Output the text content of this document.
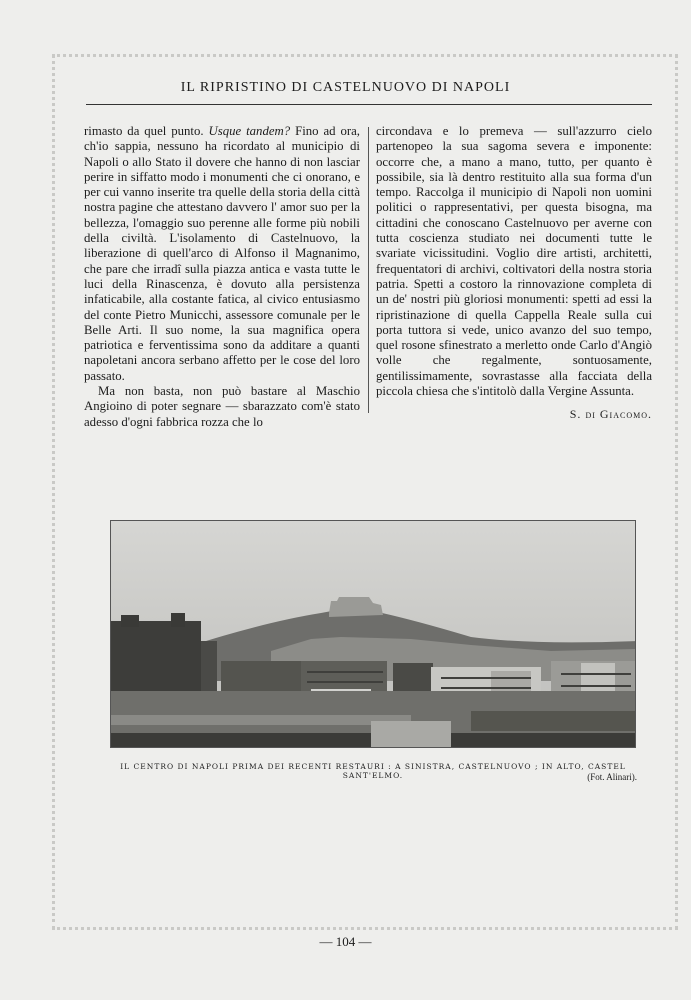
IL RIPRISTINO DI CASTELNUOVO DI NAPOLI

rimasto da quel punto. Usque tandem? Fino ad ora, ch'io sappia, nessuno ha ricordato al municipio di Napoli o allo Stato il dovere che hanno di non lasciar perire in siffatto modo i monumenti che ci onorano, e per cui vanno inserite tra quelle della storia della città nostra pagine che attestano davvero l' amor suo per la bellezza, l'omaggio suo perenne alle forme più nobili della civiltà. L'isolamento di Castelnuovo, la liberazione di quell'arco di Alfonso il Magnanimo, che pare che irradî sulla piazza antica e vasta tutte le luci della Rinascenza, è dovuto alla persistenza infaticabile, alla costante fatica, al civico entusiasmo del conte Pietro Municchi, assessore comunale per le Belle Arti. Il suo nome, la sua magnifica opera patriotica e ferventissima sono da additare a quanti napoletani ancora serbano affetto per le cose del loro passato.

Ma non basta, non può bastare al Maschio Angioino di poter segnare — sbarazzato com'è stato adesso d'ogni fabbrica rozza che lo

circondava e lo premeva — sull'azzurro cielo partenopeo la sua sagoma severa e imponente: occorre che, a mano a mano, tutto, per quanto è possibile, sia là dentro restituito alla sua forma d'un tempo. Raccolga il municipio di Napoli non uomini politici o rappresentativi, per questa bisogna, ma cittadini che conoscano Castelnuovo per averne con tutta coscienza studiato nei documenti tutte le svariate vicissitudini. Voglio dire artisti, architetti, frequentatori di archivi, coltivatori della nostra storia patria. Spetti a costoro la rinnovazione completa di un de' nostri più gloriosi monumenti: spetti ad essi la ripristinazione di quella Cappella Reale sulla cui porta tuttora si vede, unico avanzo del suo tempo, quel rosone sfinestrato a merletto onde Carlo d'Angiò volle che regalmente, sontuosamente, gentilissimamente, sovrastasse alla facciata della piccola chiesa che s'intitolò dalla Vergine Assunta.

S. di Giacomo.
IL CENTRO DI NAPOLI PRIMA DEI RECENTI RESTAURI : A SINISTRA, CASTELNUOVO ; IN ALTO, CASTEL SANT'ELMO.	(Fot. Alinari).
— 104 —
